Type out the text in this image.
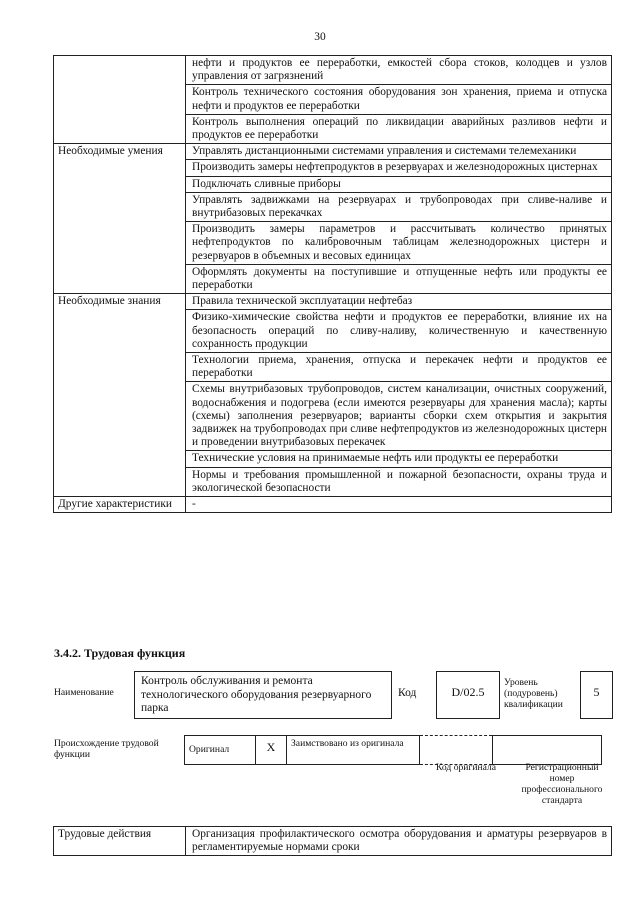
30
	нефти и продуктов ее переработки, емкостей сбора стоков, колодцев и узлов управления от загрязнений
	Контроль технического состояния оборудования зон хранения, приема и отпуска нефти и продуктов ее переработки
	Контроль выполнения операций по ликвидации аварийных разливов нефти и продуктов ее переработки
Необходимые умения	Управлять дистанционными системами управления и системами телемеханики
	Производить замеры нефтепродуктов в резервуарах и железнодорожных цистернах
	Подключать сливные приборы
	Управлять задвижками на резервуарах и трубопроводах при сливе-наливе и внутрибазовых перекачках
	Производить замеры параметров и рассчитывать количество принятых нефтепродуктов по калибровочным таблицам железнодорожных цистерн и резервуаров в объемных и весовых единицах
	Оформлять документы на поступившие и отпущенные нефть или продукты ее переработки
Необходимые знания	Правила технической эксплуатации нефтебаз
	Физико-химические свойства нефти и продуктов ее переработки, влияние их на безопасность операций по сливу-наливу, количественную и качественную сохранность продукции
	Технологии приема, хранения, отпуска и перекачек нефти и продуктов ее переработки
	Схемы внутрибазовых трубопроводов, систем канализации, очистных сооружений, водоснабжения и подогрева (если имеются резервуары для хранения масла); карты (схемы) заполнения резервуаров; варианты сборки схем открытия и закрытия задвижек на трубопроводах при сливе нефтепродуктов из железнодорожных цистерн и проведении внутрибазовых перекачек
	Технические условия на принимаемые нефть или продукты ее переработки
	Нормы и требования промышленной и пожарной безопасности, охраны труда и экологической безопасности
Другие характеристики	-
3.4.2. Трудовая функция
Наименование
Контроль обслуживания и ремонта технологического оборудования резервуарного парка
Код	D/02.5
Уровень (подуровень) квалификации
5
Происхождение трудовой функции	Оригинал	X	Заимствовано из оригинала		
Код оригинала	Регистрационный номер профессионального стандарта
Трудовые действия	Организация профилактического осмотра оборудования и арматуры резервуаров в регламентируемые нормами сроки
